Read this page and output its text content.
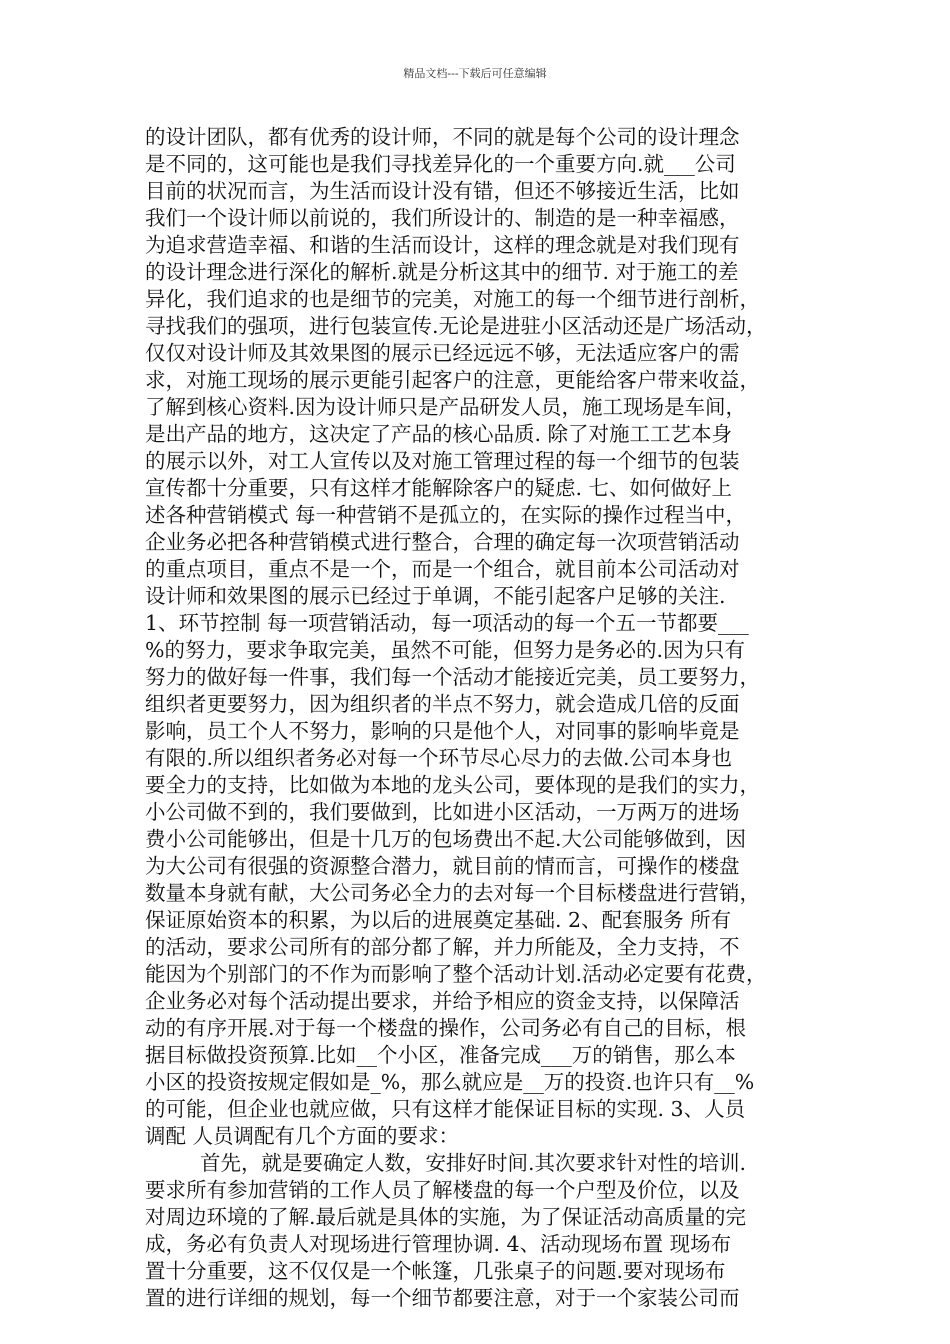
精品文档---下载后可任意编辑
的设计团队，都有优秀的设计师，不同的就是每个公司的设计理念
是不同的，这可能也是我们寻找差异化的一个重要方向.就___公司
目前的状况而言，为生活而设计没有错，但还不够接近生活，比如
我们一个设计师以前说的，我们所设计的、制造的是一种幸福感，
为追求营造幸福、和谐的生活而设计，这样的理念就是对我们现有
的设计理念进行深化的解析.就是分析这其中的细节. 对于施工的差
异化，我们追求的也是细节的完美，对施工的每一个细节进行剖析，
寻找我们的强项，进行包装宣传.无论是进驻小区活动还是广场活动，
仅仅对设计师及其效果图的展示已经远远不够，无法适应客户的需
求，对施工现场的展示更能引起客户的注意，更能给客户带来收益，
了解到核心资料.因为设计师只是产品研发人员，施工现场是车间，
是出产品的地方，这决定了产品的核心品质. 除了对施工工艺本身
的展示以外，对工人宣传以及对施工管理过程的每一个细节的包装
宣传都十分重要，只有这样才能解除客户的疑虑. 七、如何做好上
述各种营销模式 每一种营销不是孤立的，在实际的操作过程当中，
企业务必把各种营销模式进行整合，合理的确定每一次项营销活动
的重点项目，重点不是一个，而是一个组合，就目前本公司活动对
设计师和效果图的展示已经过于单调，不能引起客户足够的关注.
1、环节控制 每一项营销活动，每一项活动的每一个五一节都要___
%的努力，要求争取完美，虽然不可能，但努力是务必的.因为只有
努力的做好每一件事，我们每一个活动才能接近完美，员工要努力，
组织者更要努力，因为组织者的半点不努力，就会造成几倍的反面
影响，员工个人不努力，影响的只是他个人，对同事的影响毕竟是
有限的.所以组织者务必对每一个环节尽心尽力的去做.公司本身也
要全力的支持，比如做为本地的龙头公司，要体现的是我们的实力，
小公司做不到的，我们要做到，比如进小区活动，一万两万的进场
费小公司能够出，但是十几万的包场费出不起.大公司能够做到，因
为大公司有很强的资源整合潜力，就目前的情而言，可操作的楼盘
数量本身就有献，大公司务必全力的去对每一个目标楼盘进行营销，
保证原始资本的积累，为以后的进展奠定基础. 2、配套服务 所有
的活动，要求公司所有的部分都了解，并力所能及，全力支持，不
能因为个别部门的不作为而影响了整个活动计划.活动必定要有花费，
企业务必对每个活动提出要求，并给予相应的资金支持，以保障活
动的有序开展.对于每一个楼盘的操作，公司务必有自己的目标，根
据目标做投资预算.比如__个小区，准备完成___万的销售，那么本
小区的投资按规定假如是_%，那么就应是__万的投资.也许只有__%
的可能，但企业也就应做，只有这样才能保证目标的实现. 3、人员
调配 人员调配有几个方面的要求：
首先，就是要确定人数，安排好时间.其次要求针对性的培训.
要求所有参加营销的工作人员了解楼盘的每一个户型及价位，以及
对周边环境的了解.最后就是具体的实施，为了保证活动高质量的完
成，务必有负责人对现场进行管理协调. 4、活动现场布置 现场布
置十分重要，这不仅仅是一个帐篷，几张桌子的问题.要对现场布
置的进行详细的规划，每一个细节都要注意，对于一个家装公司而
